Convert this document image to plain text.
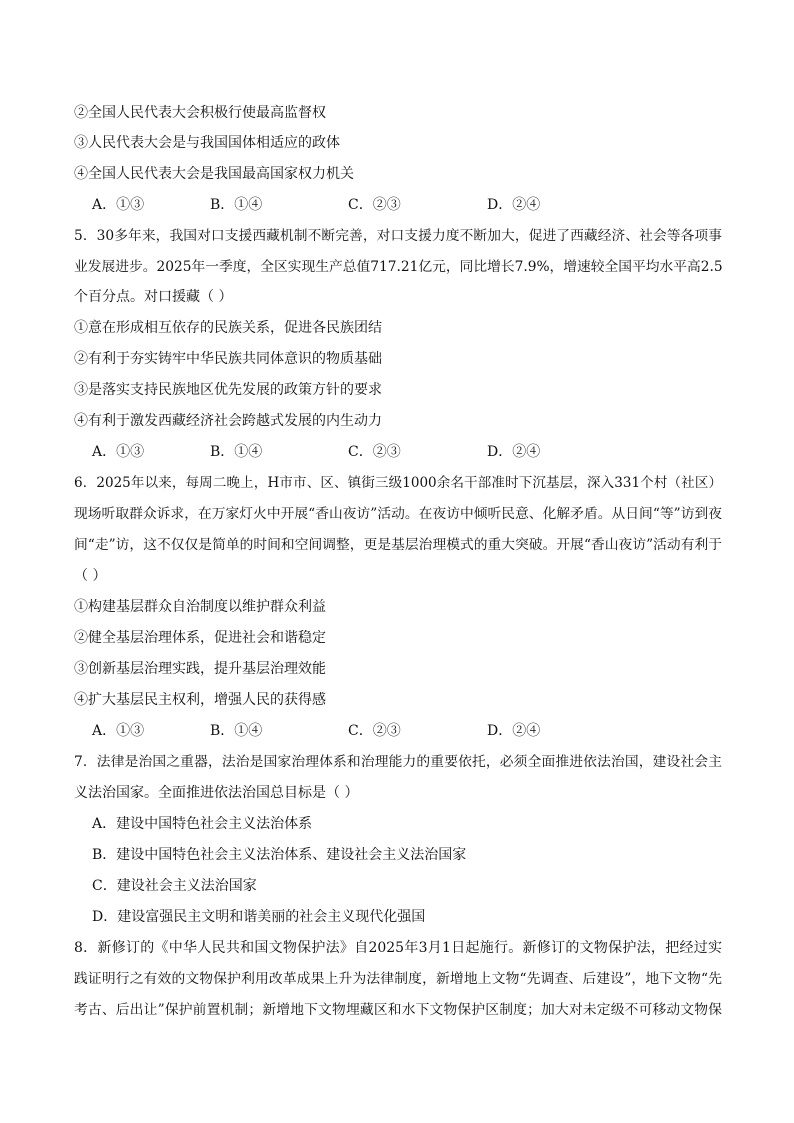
②全国人民代表大会积极行使最高监督权
③人民代表大会是与我国国体相适应的政体
④全国人民代表大会是我国最高国家权力机关
A．①③	B．①④	C．②③	D．②④
5．30多年来，我国对口支援西藏机制不断完善，对口支援力度不断加大，促进了西藏经济、社会等各项事
业发展进步。2025年一季度，全区实现生产总值717.21亿元，同比增长7.9%，增速较全国平均水平高2.5
个百分点。对口援藏（ ）
①意在形成相互依存的民族关系，促进各民族团结
②有利于夯实铸牢中华民族共同体意识的物质基础
③是落实支持民族地区优先发展的政策方针的要求
④有利于激发西藏经济社会跨越式发展的内生动力
A．①③	B．①④	C．②③	D．②④
6．2025年以来，每周二晚上，H市市、区、镇街三级1000余名干部准时下沉基层，深入331个村（社区）
现场听取群众诉求，在万家灯火中开展“香山夜访”活动。在夜访中倾听民意、化解矛盾。从日间“等”访到夜
间“走”访，这不仅仅是简单的时间和空间调整，更是基层治理模式的重大突破。开展“香山夜访”活动有利于
（ ）
①构建基层群众自治制度以维护群众利益
②健全基层治理体系，促进社会和谐稳定
③创新基层治理实践，提升基层治理效能
④扩大基层民主权利，增强人民的获得感
A．①③	B．①④	C．②③	D．②④
7．法律是治国之重器，法治是国家治理体系和治理能力的重要依托，必须全面推进依法治国，建设社会主
义法治国家。全面推进依法治国总目标是（ ）
A．建设中国特色社会主义法治体系
B．建设中国特色社会主义法治体系、建设社会主义法治国家
C．建设社会主义法治国家
D．建设富强民主文明和谐美丽的社会主义现代化强国
8．新修订的《中华人民共和国文物保护法》自2025年3月1日起施行。新修订的文物保护法，把经过实
践证明行之有效的文物保护利用改革成果上升为法律制度，新增地上文物“先调查、后建设”，地下文物“先
考古、后出让”保护前置机制；新增地下文物埋藏区和水下文物保护区制度；加大对未定级不可移动文物保
